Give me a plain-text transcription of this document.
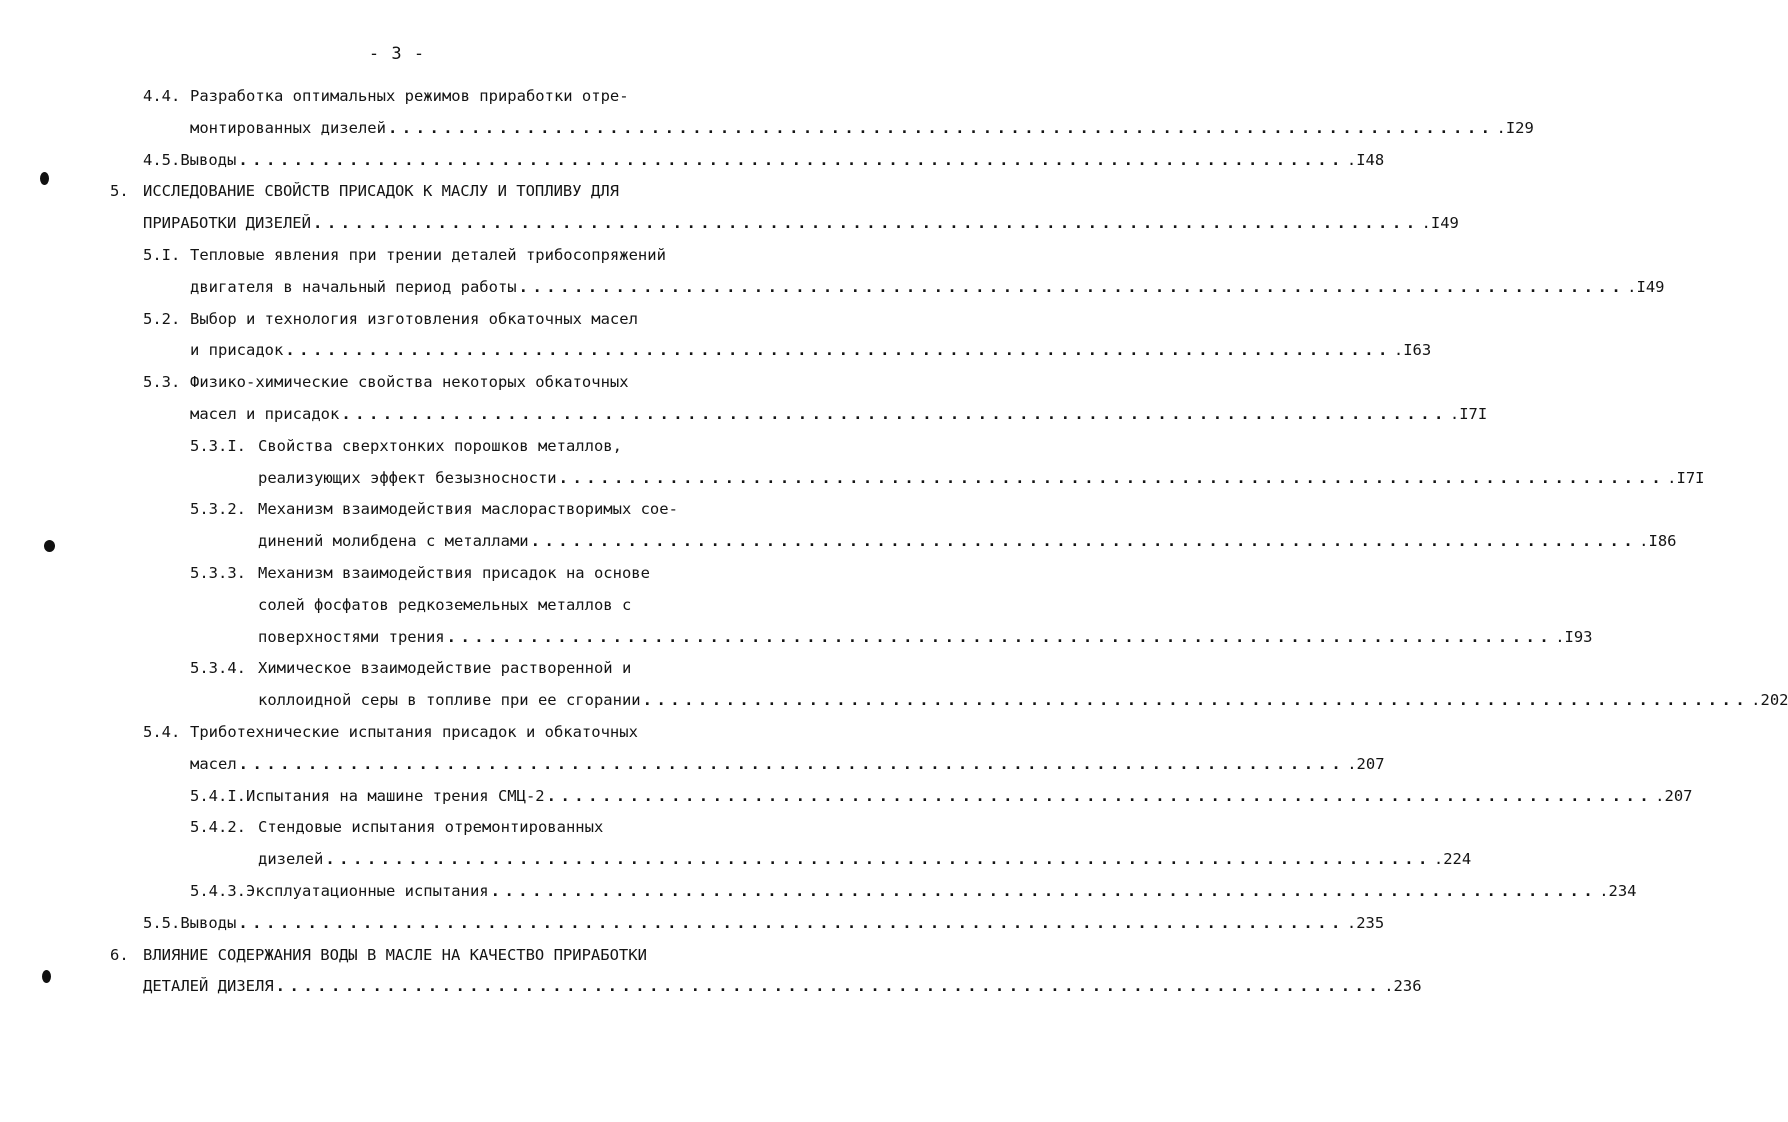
- 3 -
4.4. Разработка оптимальных режимов приработки отре-
монтированных дизелей ................................................................................ .I29
4.5. Выводы ................................................................................ .I48
5. ИССЛЕДОВАНИЕ СВОЙСТВ ПРИСАДОК К МАСЛУ И ТОПЛИВУ ДЛЯ
ПРИРАБОТКИ ДИЗЕЛЕЙ ................................................................................ .I49
5.I. Тепловые явления при трении деталей трибосопряжений
двигателя в начальный период работы ................................................................................ .I49
5.2. Выбор и технология изготовления обкаточных масел
и присадок ................................................................................ .I63
5.3. Физико-химические свойства некоторых обкаточных
масел и присадок ................................................................................ .I7I
5.3.I. Свойства сверхтонких порошков металлов,
реализующих эффект безызносности ................................................................................ .I7I
5.3.2. Механизм взаимодействия маслорастворимых сое-
динений молибдена с металлами ................................................................................ .I86
5.3.3. Механизм взаимодействия присадок на основе
солей фосфатов редкоземельных металлов с
поверхностями трения ................................................................................ .I93
5.3.4. Химическое взаимодействие растворенной и
коллоидной серы в топливе при ее сгорании ................................................................................ .202
5.4. Триботехнические испытания присадок и обкаточных
масел ................................................................................ .207
5.4.I. Испытания на машине трения СМЦ-2 ................................................................................ .207
5.4.2. Стендовые испытания отремонтированных
дизелей ................................................................................ .224
5.4.3. Эксплуатационные испытания ................................................................................ .234
5.5. Выводы ................................................................................ .235
6. ВЛИЯНИЕ СОДЕРЖАНИЯ ВОДЫ В МАСЛЕ НА КАЧЕСТВО ПРИРАБОТКИ
ДЕТАЛЕЙ ДИЗЕЛЯ ................................................................................ .236
